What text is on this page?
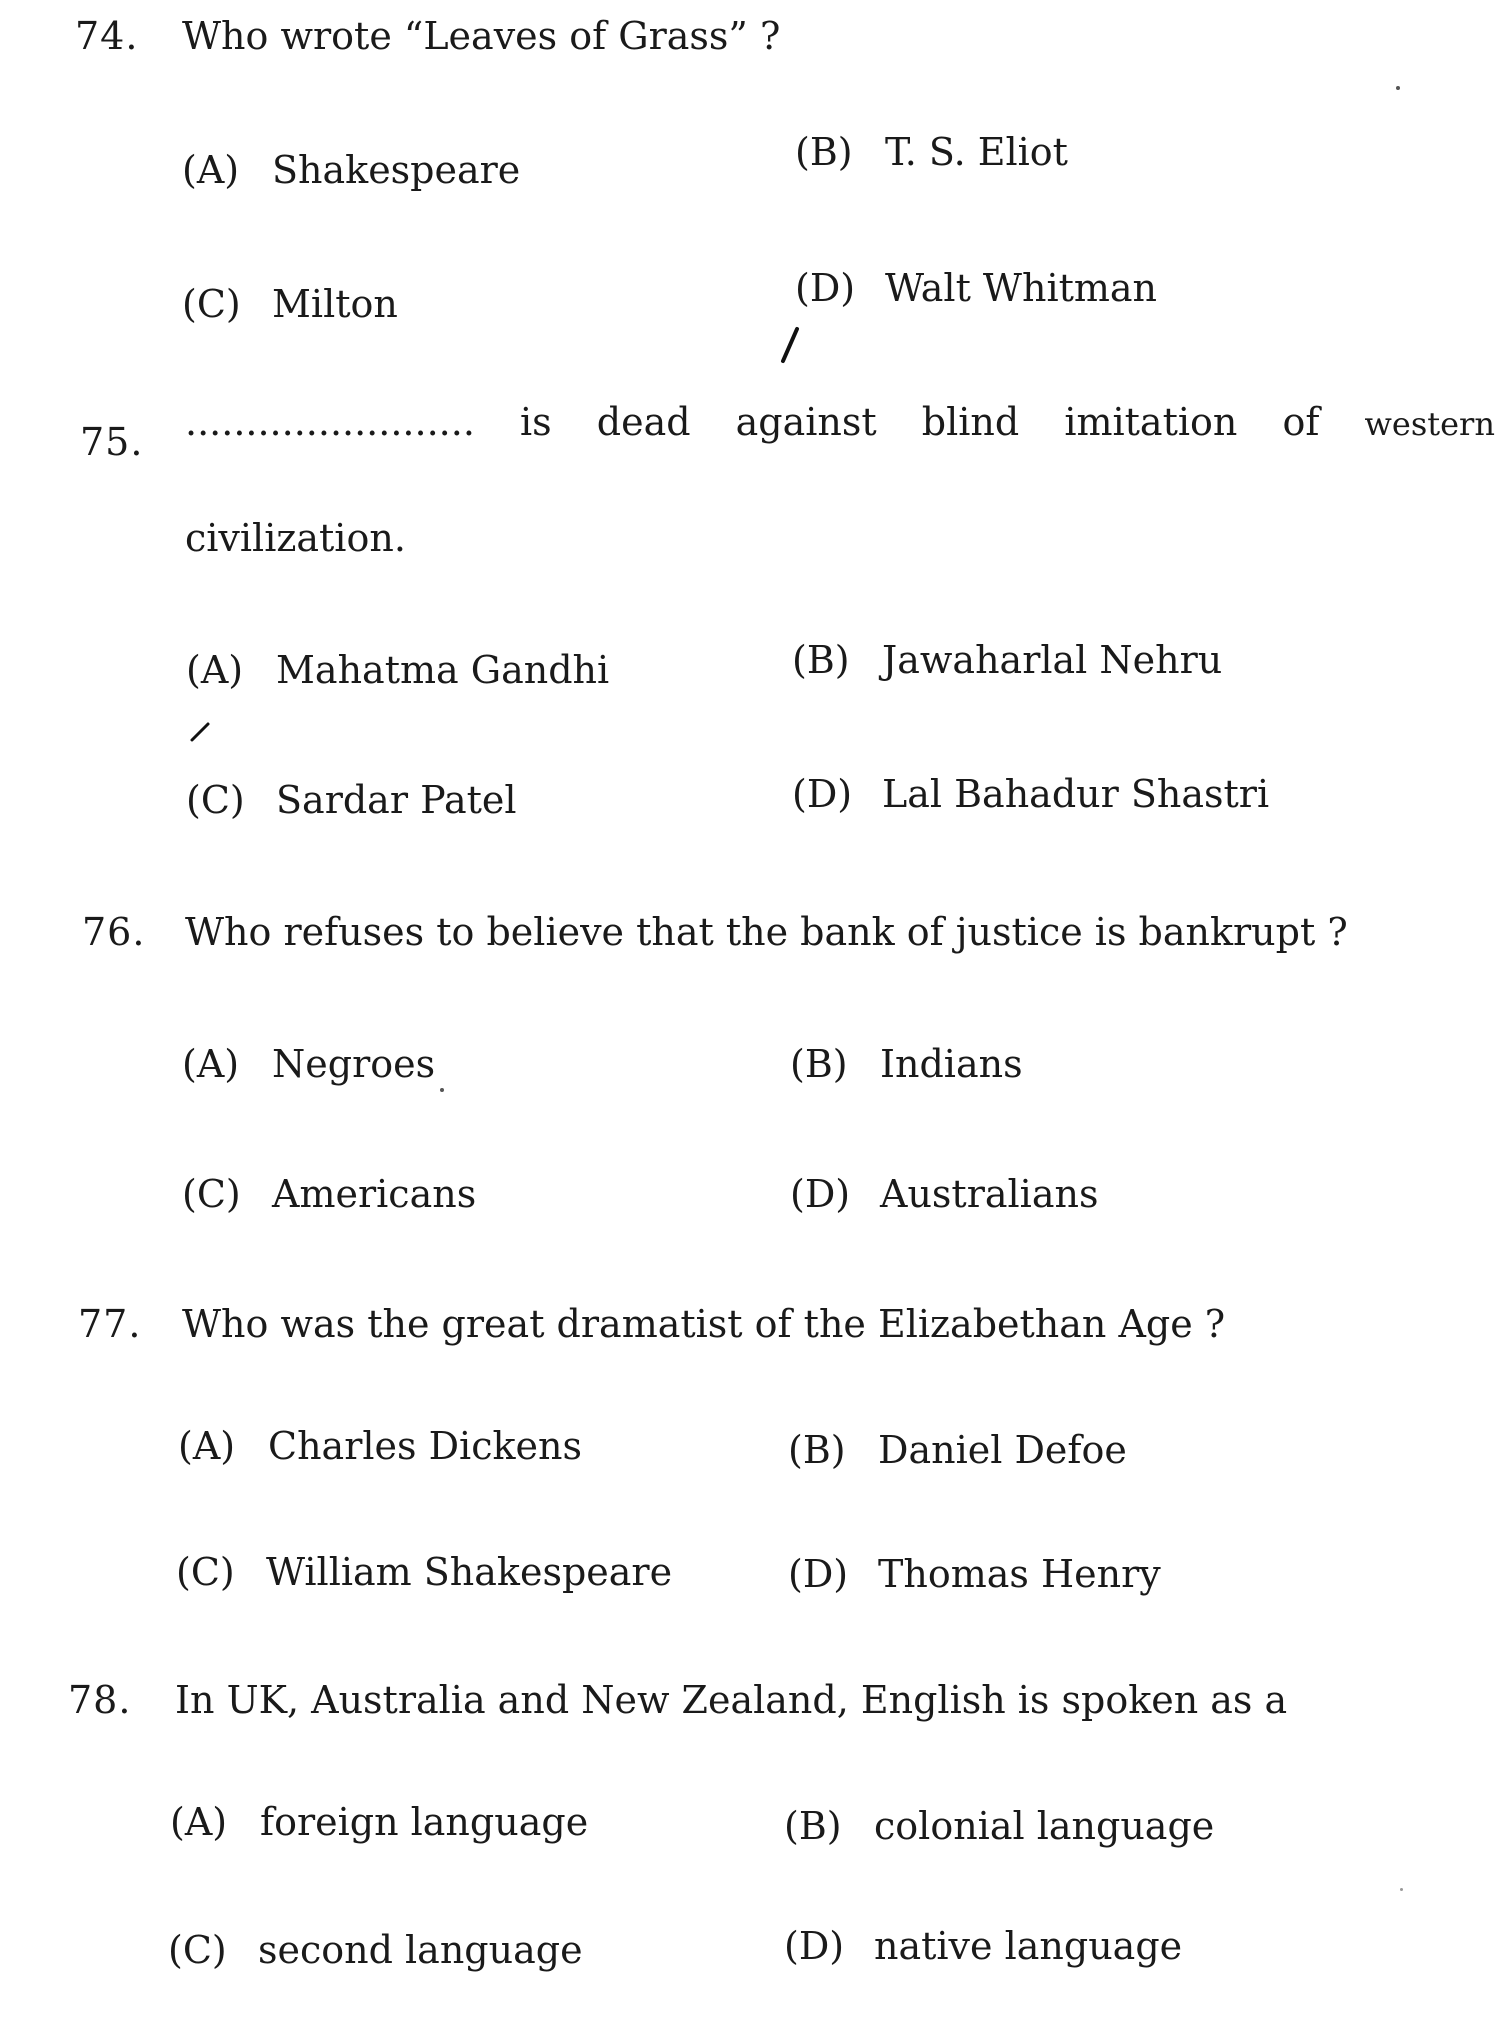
74. Who wrote “Leaves of Grass” ?
(A) Shakespeare	(B) T. S. Eliot
(C) Milton	(D) Walt Whitman
75. ........................ is dead against blind imitation of western
civilization.
(A) Mahatma Gandhi	(B) Jawaharlal Nehru
(C) Sardar Patel	(D) Lal Bahadur Shastri
76. Who refuses to believe that the bank of justice is bankrupt ?
(A) Negroes	(B) Indians
(C) Americans	(D) Australians
77. Who was the great dramatist of the Elizabethan Age ?
(A) Charles Dickens	(B) Daniel Defoe
(C) William Shakespeare	(D) Thomas Henry
78. In UK, Australia and New Zealand, English is spoken as a
(A) foreign language	(B) colonial language
(C) second language	(D) native language
